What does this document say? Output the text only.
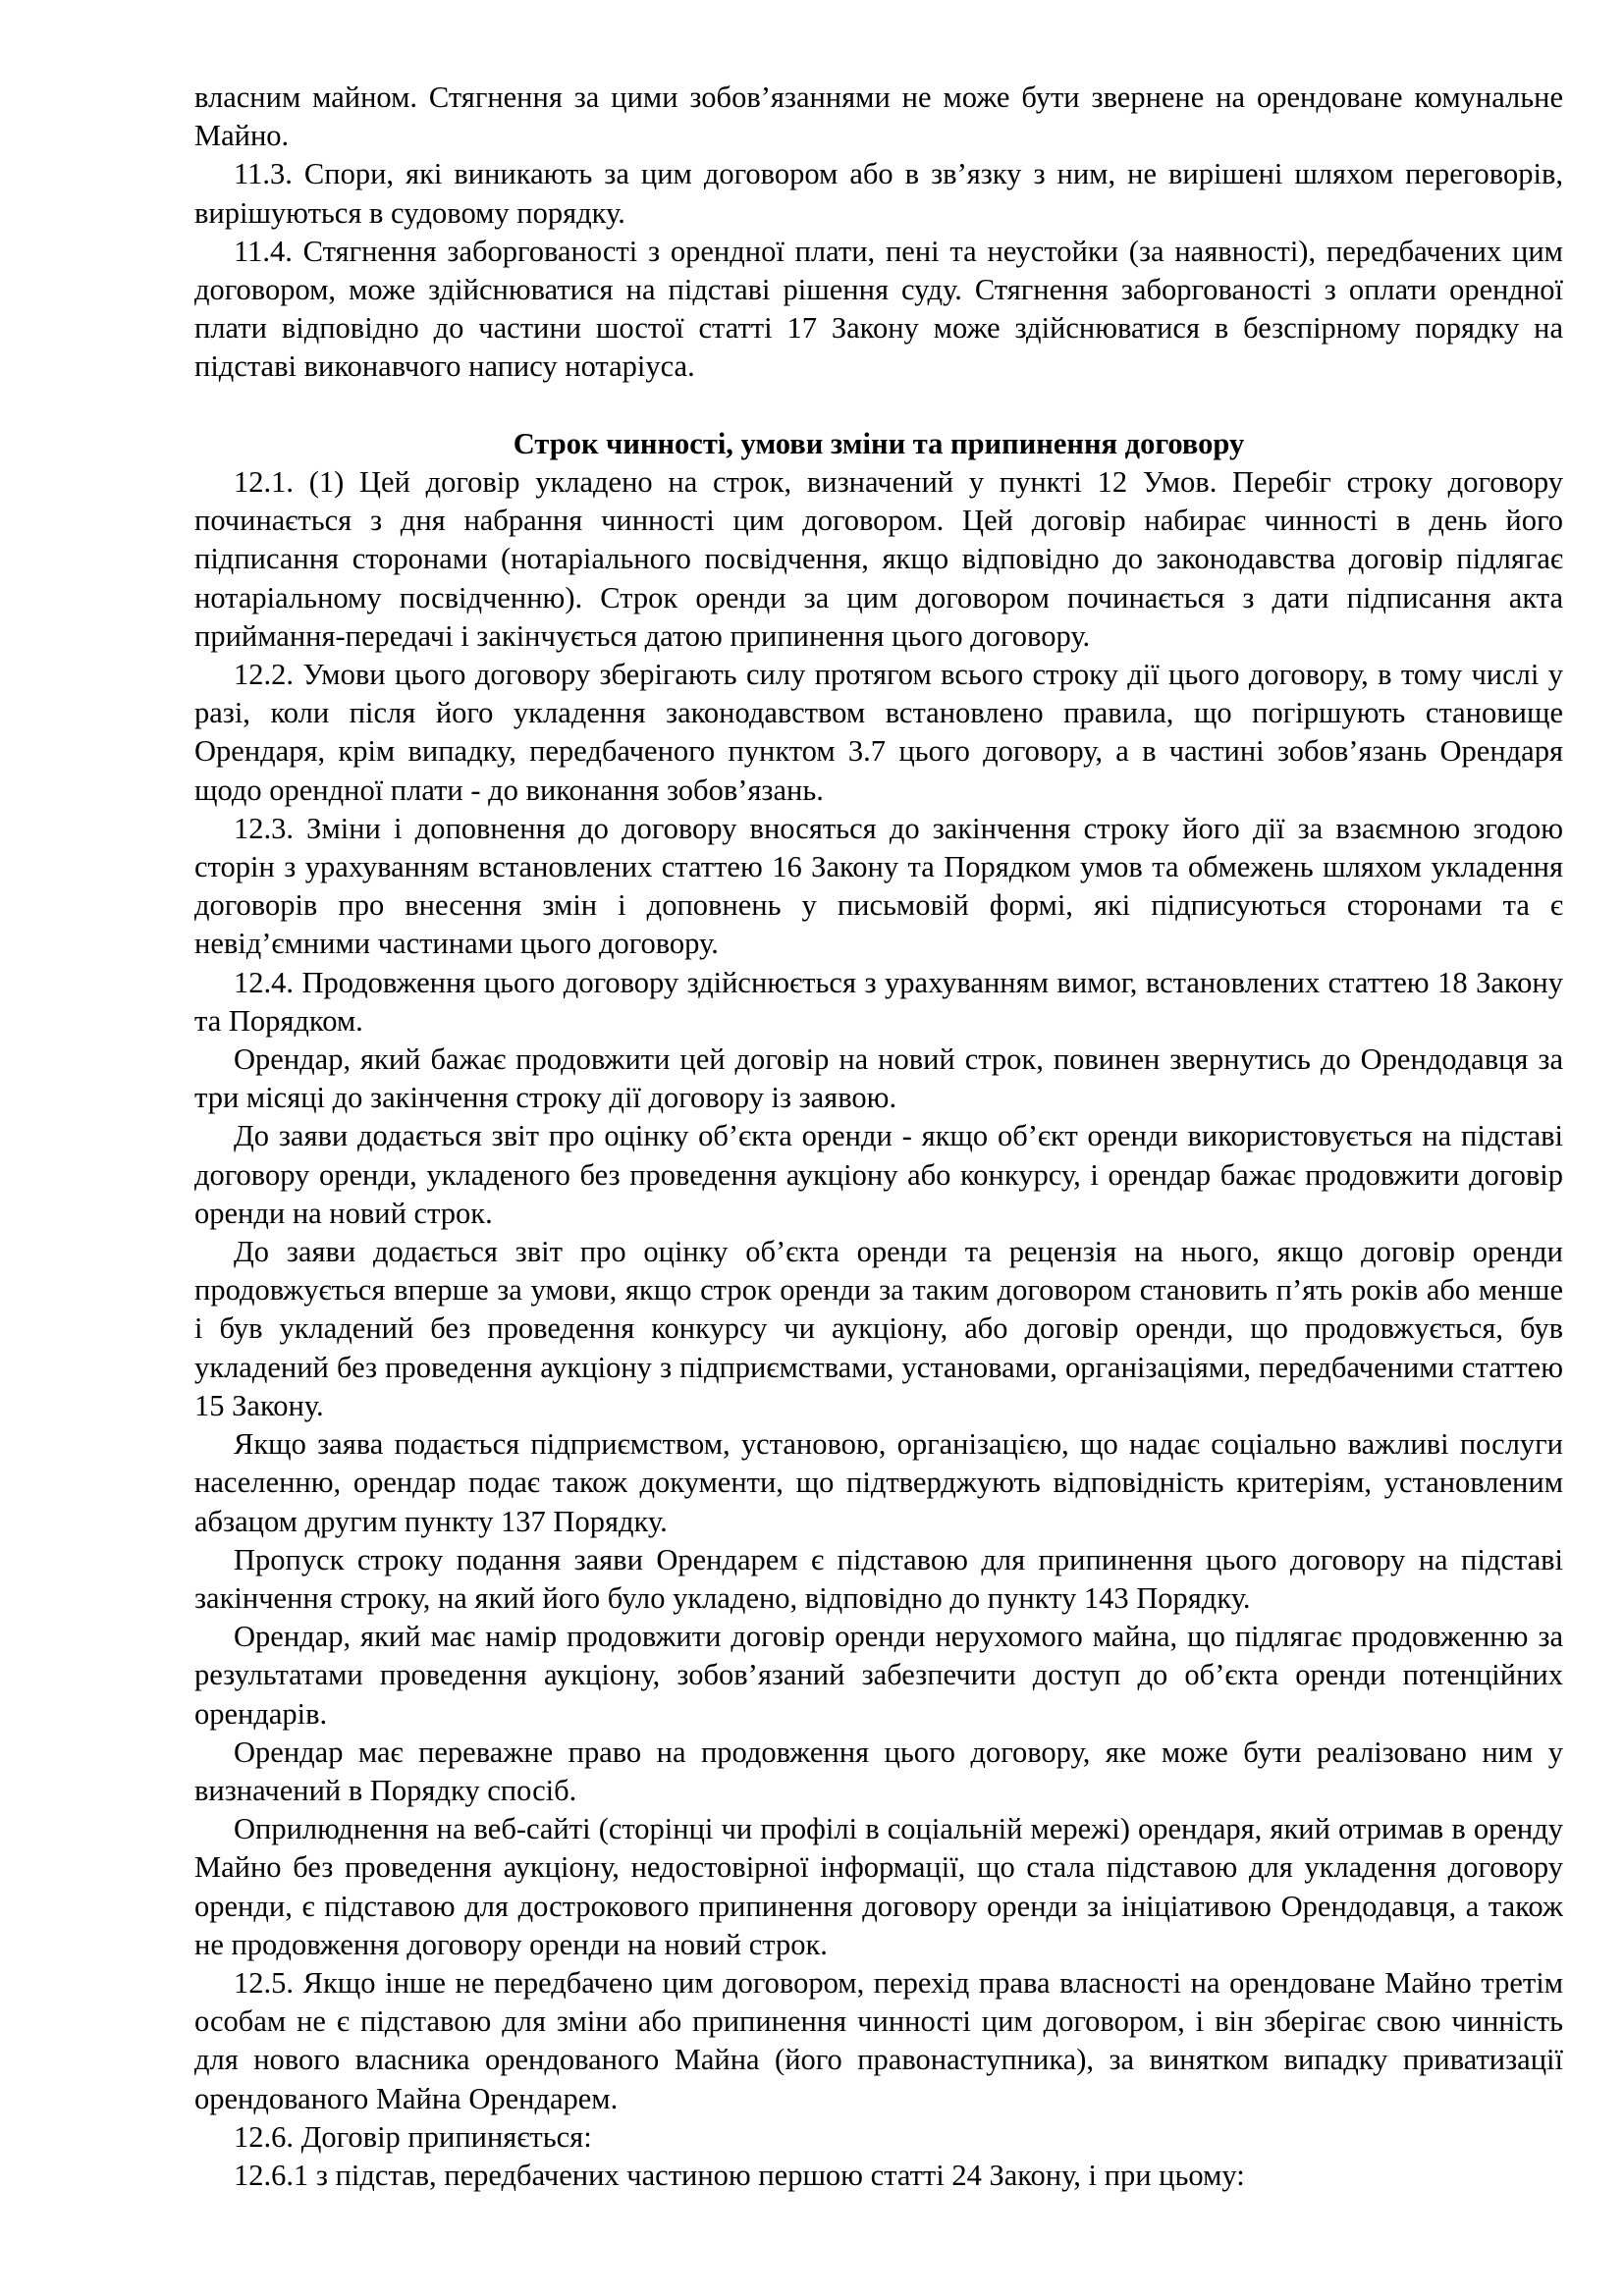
власним майном. Стягнення за цими зобов’язаннями не може бути звернене на орендоване комунальне Майно.

11.3. Спори, які виникають за цим договором або в зв’язку з ним, не вирішені шляхом переговорів, вирішуються в судовому порядку.

11.4. Стягнення заборгованості з орендної плати, пені та неустойки (за наявності), передбачених цим договором, може здійснюватися на підставі рішення суду. Стягнення заборгованості з оплати орендної плати відповідно до частини шостої статті 17 Закону може здійснюватися в безспірному порядку на підставі виконавчого напису нотаріуса.

Строк чинності, умови зміни та припинення договору

12.1. (1) Цей договір укладено на строк, визначений у пункті 12 Умов. Перебіг строку договору починається з дня набрання чинності цим договором. Цей договір набирає чинності в день його підписання сторонами (нотаріального посвідчення, якщо відповідно до законодавства договір підлягає нотаріальному посвідченню). Строк оренди за цим договором починається з дати підписання акта приймання-передачі і закінчується датою припинення цього договору.

12.2. Умови цього договору зберігають силу протягом всього строку дії цього договору, в тому числі у разі, коли після його укладення законодавством встановлено правила, що погіршують становище Орендаря, крім випадку, передбаченого пунктом 3.7 цього договору, а в частині зобов’язань Орендаря щодо орендної плати - до виконання зобов’язань.

12.3. Зміни і доповнення до договору вносяться до закінчення строку його дії за взаємною згодою сторін з урахуванням встановлених статтею 16 Закону та Порядком умов та обмежень шляхом укладення договорів про внесення змін і доповнень у письмовій формі, які підписуються сторонами та є невід’ємними частинами цього договору.

12.4. Продовження цього договору здійснюється з урахуванням вимог, встановлених статтею 18 Закону та Порядком.

Орендар, який бажає продовжити цей договір на новий строк, повинен звернутись до Орендодавця за три місяці до закінчення строку дії договору із заявою.

До заяви додається звіт про оцінку об’єкта оренди - якщо об’єкт оренди використовується на підставі договору оренди, укладеного без проведення аукціону або конкурсу, і орендар бажає продовжити договір оренди на новий строк.

До заяви додається звіт про оцінку об’єкта оренди та рецензія на нього, якщо договір оренди продовжується вперше за умови, якщо строк оренди за таким договором становить п’ять років або менше і був укладений без проведення конкурсу чи аукціону, або договір оренди, що продовжується, був укладений без проведення аукціону з підприємствами, установами, організаціями, передбаченими статтею 15 Закону.

Якщо заява подається підприємством, установою, організацією, що надає соціально важливі послуги населенню, орендар подає також документи, що підтверджують відповідність критеріям, установленим абзацом другим пункту 137 Порядку.

Пропуск строку подання заяви Орендарем є підставою для припинення цього договору на підставі закінчення строку, на який його було укладено, відповідно до пункту 143 Порядку.

Орендар, який має намір продовжити договір оренди нерухомого майна, що підлягає продовженню за результатами проведення аукціону, зобов’язаний забезпечити доступ до об’єкта оренди потенційних орендарів.

Орендар має переважне право на продовження цього договору, яке може бути реалізовано ним у визначений в Порядку спосіб.

Оприлюднення на веб-сайті (сторінці чи профілі в соціальній мережі) орендаря, який отримав в оренду Майно без проведення аукціону, недостовірної інформації, що стала підставою для укладення договору оренди, є підставою для дострокового припинення договору оренди за ініціативою Орендодавця, а також не продовження договору оренди на новий строк.

12.5. Якщо інше не передбачено цим договором, перехід права власності на орендоване Майно третім особам не є підставою для зміни або припинення чинності цим договором, і він зберігає свою чинність для нового власника орендованого Майна (його правонаступника), за винятком випадку приватизації орендованого Майна Орендарем.

12.6. Договір припиняється:

12.6.1 з підстав, передбачених частиною першою статті 24 Закону, і при цьому:
